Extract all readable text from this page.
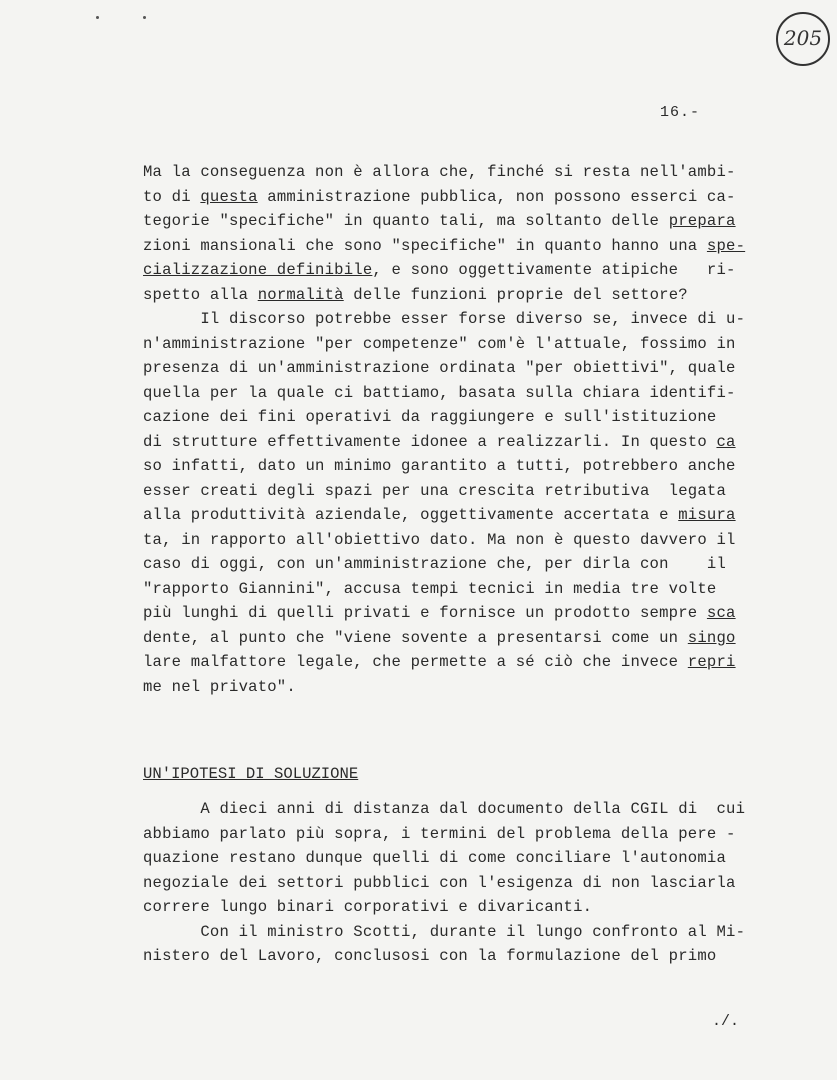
205
16.-
Ma la conseguenza non è allora che, finché si resta nell'ambi-
to di questa amministrazione pubblica, non possono esserci ca-
tegorie "specifiche" in quanto tali, ma soltanto delle prepara
zioni mansionali che sono "specifiche" in quanto hanno una spe-
cializzazione definibile, e sono oggettivamente atipiche   ri-
spetto alla normalità delle funzioni proprie del settore?
Il discorso potrebbe esser forse diverso se, invece di u-
n'amministrazione "per competenze" com'è l'attuale, fossimo in
presenza di un'amministrazione ordinata "per obiettivi", quale
quella per la quale ci battiamo, basata sulla chiara identifi-
cazione dei fini operativi da raggiungere e sull'istituzione
di strutture effettivamente idonee a realizzarli. In questo ca
so infatti, dato un minimo garantito a tutti, potrebbero anche
esser creati degli spazi per una crescita retributiva  legata
alla produttività aziendale, oggettivamente accertata e misura
ta, in rapporto all'obiettivo dato. Ma non è questo davvero il
caso di oggi, con un'amministrazione che, per dirla con    il
"rapporto Giannini", accusa tempi tecnici in media tre volte
più lunghi di quelli privati e fornisce un prodotto sempre sca
dente, al punto che "viene sovente a presentarsi come un singo
lare malfattore legale, che permette a sé ciò che invece repri
me nel privato".
A dieci anni di distanza dal documento della CGIL di  cui
abbiamo parlato più sopra, i termini del problema della pere -
quazione restano dunque quelli di come conciliare l'autonomia
negoziale dei settori pubblici con l'esigenza di non lasciarla
correre lungo binari corporativi e divaricanti.
Con il ministro Scotti, durante il lungo confronto al Mi-
nistero del Lavoro, conclusosi con la formulazione del primo
UN'IPOTESI DI SOLUZIONE
./.
